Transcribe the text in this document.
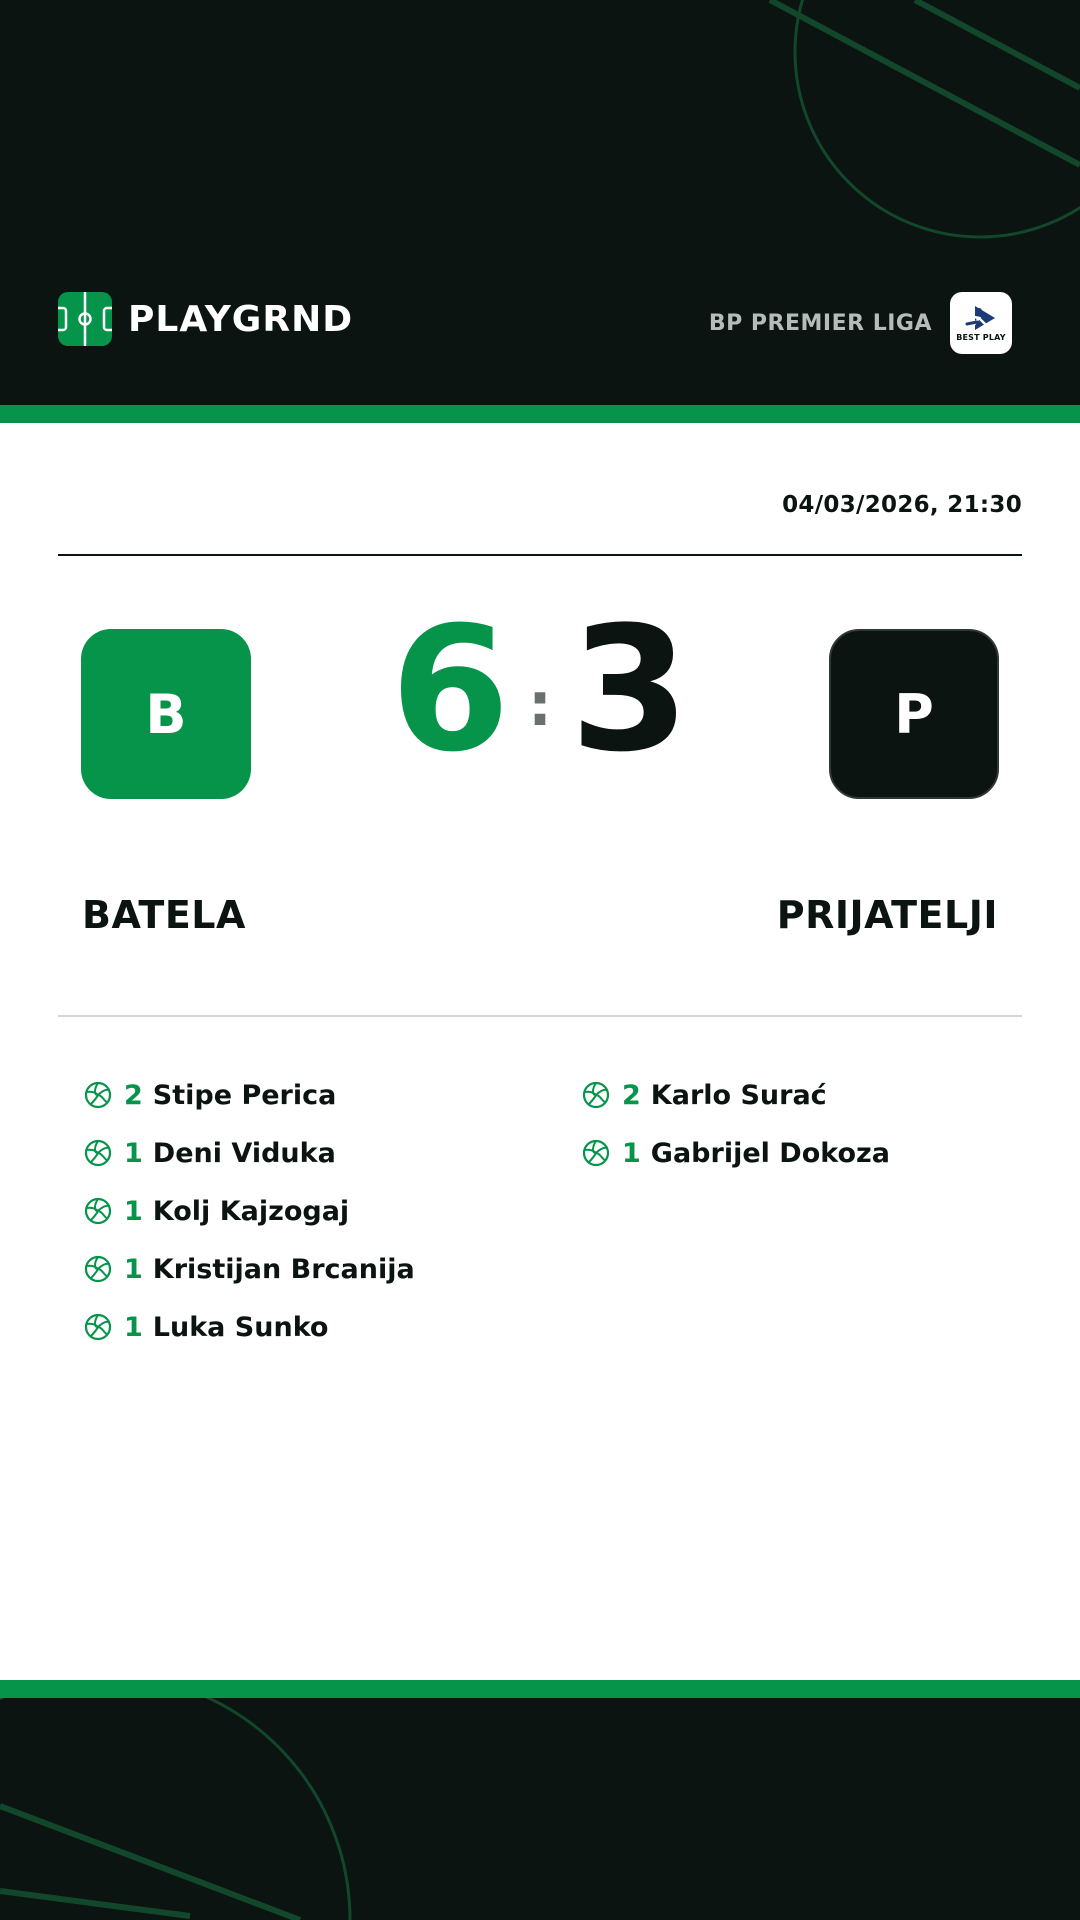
PLAYGRND	BP PREMIER LIGA
BEST PLAY
04/03/2026, 21:30
B 6 : 3	P
BATELA	PRIJATELJI
2 Stipe Perica
1 Deni Viduka
1 Kolj Kajzogaj
1 Kristijan Brcanija
1 Luka Sunko
2 Karlo Surać
1 Gabrijel Dokoza
